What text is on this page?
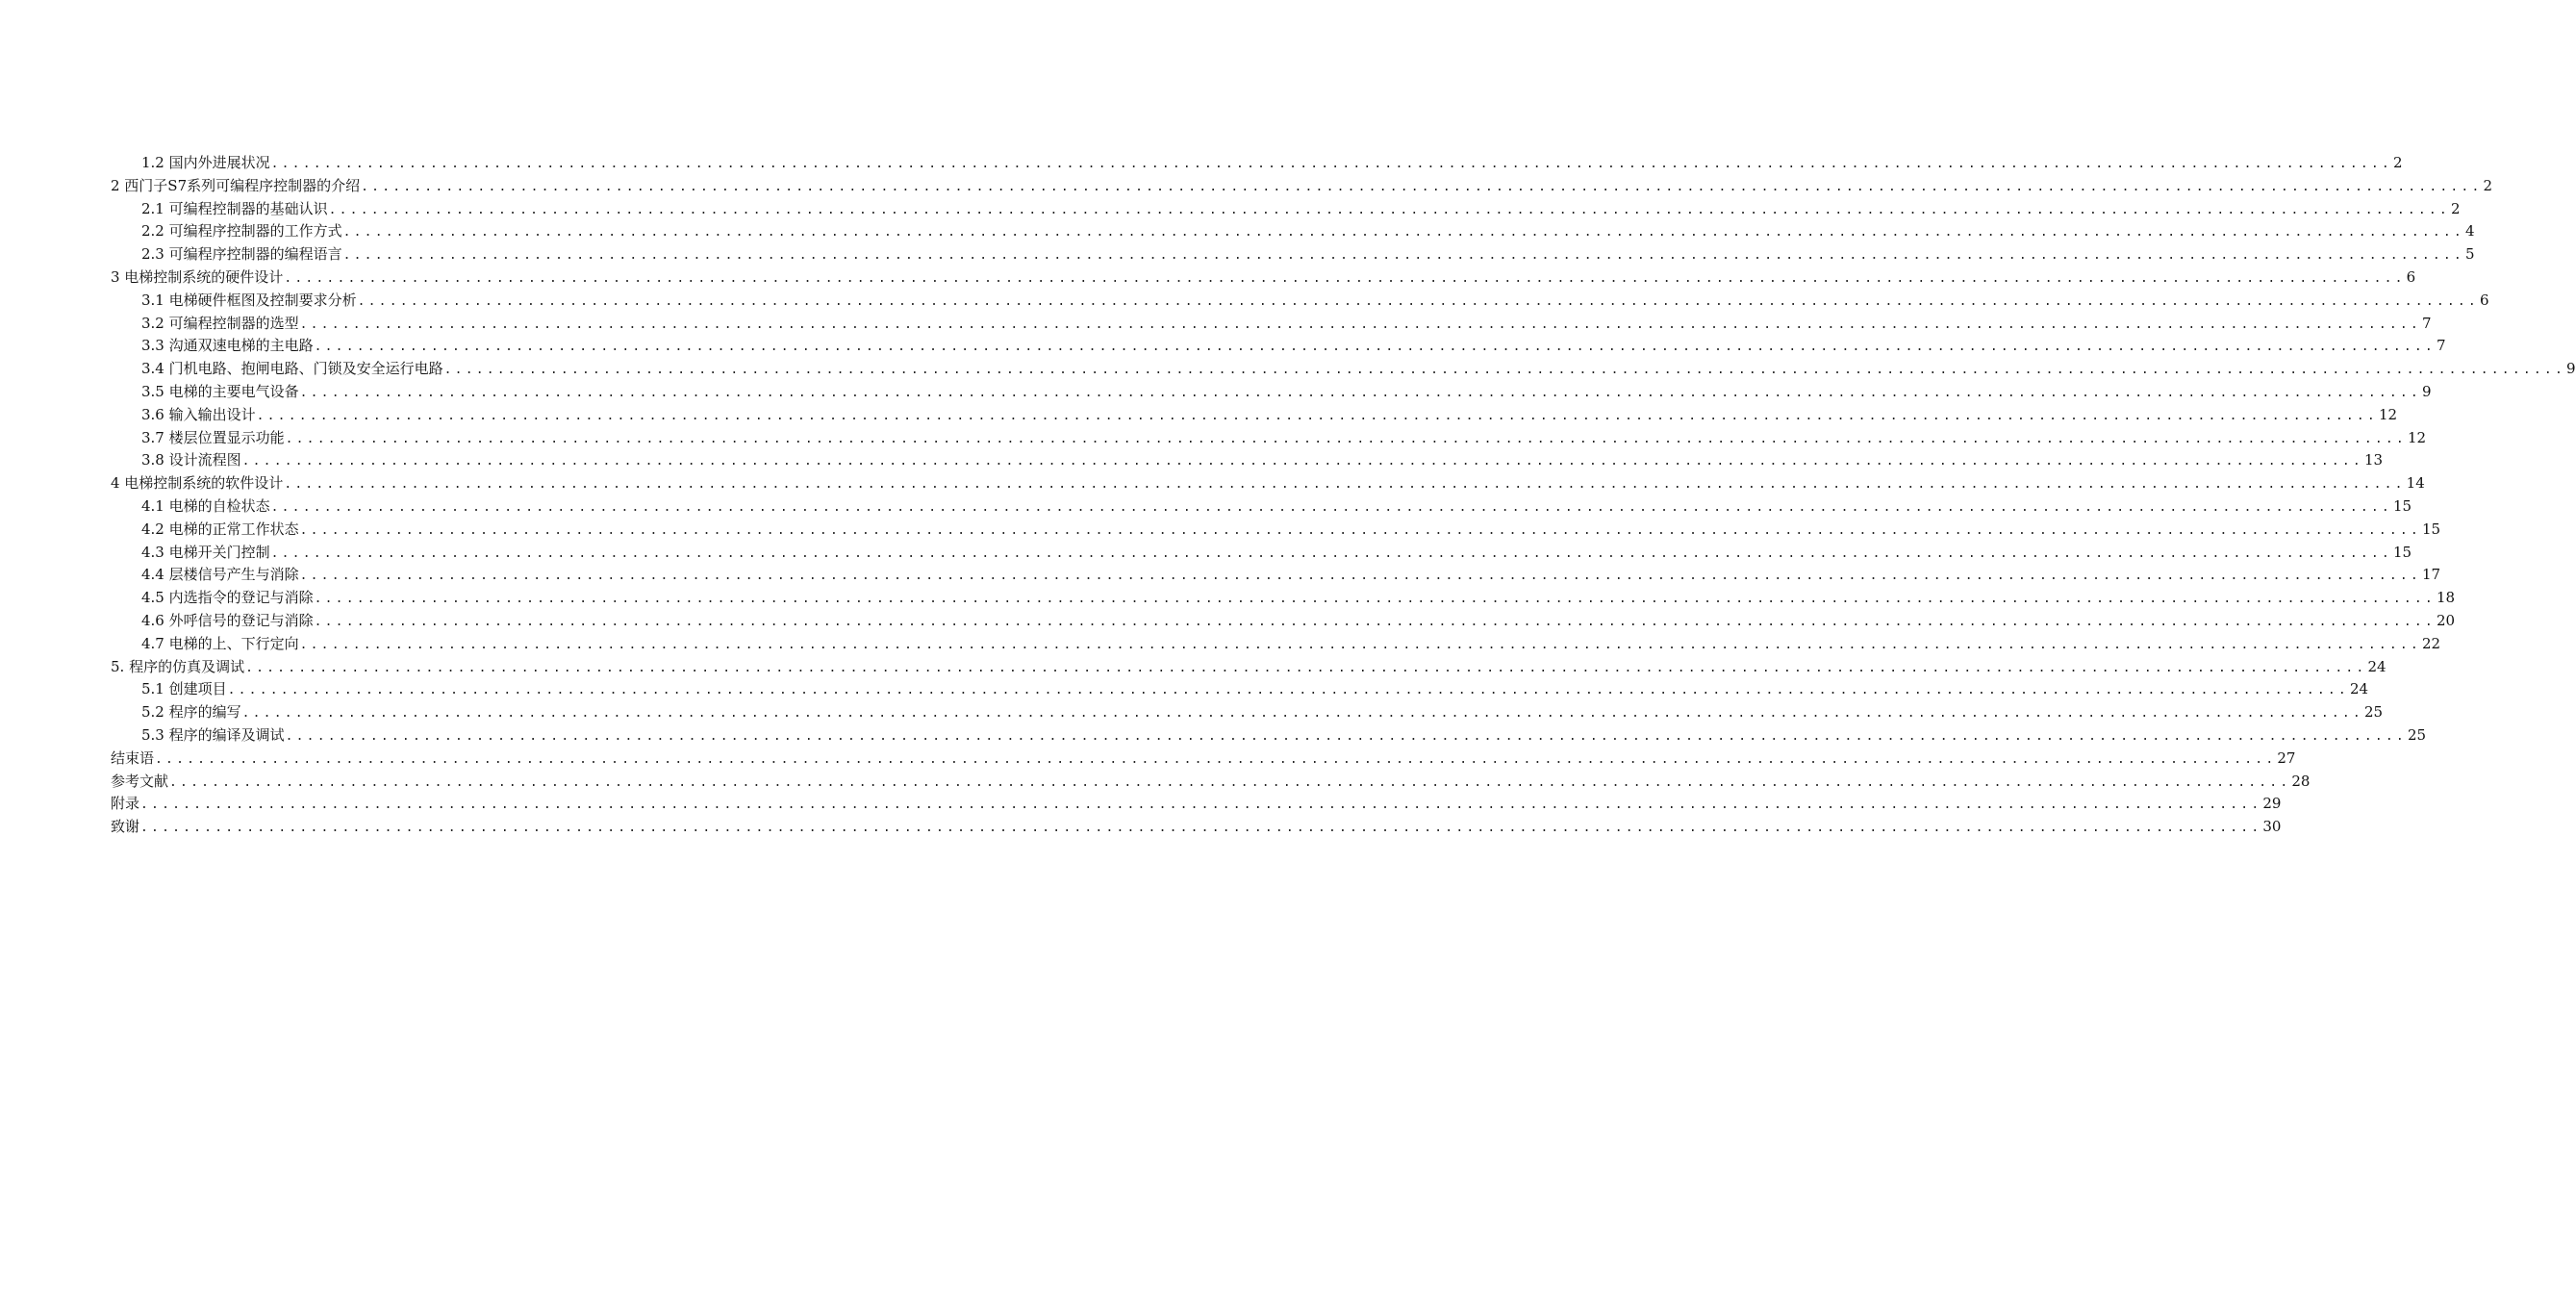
1.2 国内外进展状况 ........................................................................................................................................................................................................ 2
2 西门子S7系列可编程序控制器的介绍 ........................................................................................................................................................................................................ 2
2.1 可编程控制器的基础认识 ........................................................................................................................................................................................................ 2
2.2 可编程序控制器的工作方式 ........................................................................................................................................................................................................ 4
2.3 可编程序控制器的编程语言 ........................................................................................................................................................................................................ 5
3 电梯控制系统的硬件设计 ........................................................................................................................................................................................................ 6
3.1 电梯硬件框图及控制要求分析 ........................................................................................................................................................................................................ 6
3.2 可编程控制器的选型 ........................................................................................................................................................................................................ 7
3.3 沟通双速电梯的主电路 ........................................................................................................................................................................................................ 7
3.4 门机电路、抱闸电路、门锁及安全运行电路 ........................................................................................................................................................................................................ 9
3.5 电梯的主要电气设备 ........................................................................................................................................................................................................ 9
3.6 输入输出设计 ........................................................................................................................................................................................................ 12
3.7 楼层位置显示功能 ........................................................................................................................................................................................................ 12
3.8 设计流程图 ........................................................................................................................................................................................................ 13
4 电梯控制系统的软件设计 ........................................................................................................................................................................................................ 14
4.1 电梯的自检状态 ........................................................................................................................................................................................................ 15
4.2 电梯的正常工作状态 ........................................................................................................................................................................................................ 15
4.3 电梯开关门控制 ........................................................................................................................................................................................................ 15
4.4 层楼信号产生与消除 ........................................................................................................................................................................................................ 17
4.5 内选指令的登记与消除 ........................................................................................................................................................................................................ 18
4.6 外呼信号的登记与消除 ........................................................................................................................................................................................................ 20
4.7 电梯的上、下行定向 ........................................................................................................................................................................................................ 22
5. 程序的仿真及调试 ........................................................................................................................................................................................................ 24
5.1 创建项目 ........................................................................................................................................................................................................ 24
5.2 程序的编写 ........................................................................................................................................................................................................ 25
5.3 程序的编译及调试 ........................................................................................................................................................................................................ 25
结束语 ........................................................................................................................................................................................................ 27
参考文献 ........................................................................................................................................................................................................ 28
附录 ........................................................................................................................................................................................................ 29
致谢 ........................................................................................................................................................................................................ 30
